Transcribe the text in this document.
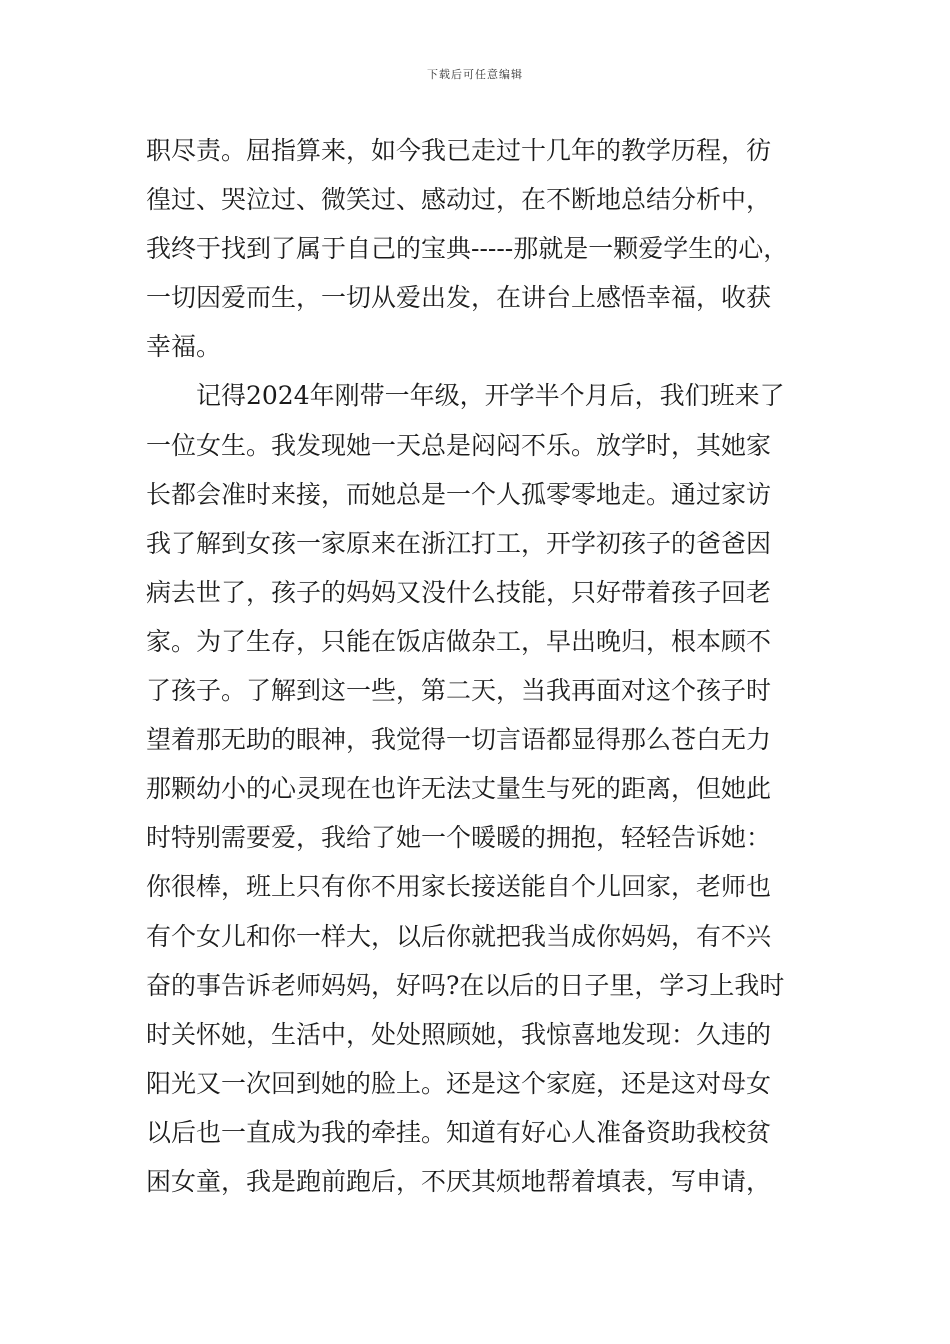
下载后可任意编辑
职尽责。屈指算来，如今我已走过十几年的教学历程，彷
徨过、哭泣过、微笑过、感动过，在不断地总结分析中，
我终于找到了属于自己的宝典-----那就是一颗爱学生的心，
一切因爱而生，一切从爱出发，在讲台上感悟幸福，收获
幸福。
记得2024年刚带一年级，开学半个月后，我们班来了
一位女生。我发现她一天总是闷闷不乐。放学时，其她家
长都会准时来接，而她总是一个人孤零零地走。通过家访
我了解到女孩一家原来在浙江打工，开学初孩子的爸爸因
病去世了，孩子的妈妈又没什么技能，只好带着孩子回老
家。为了生存，只能在饭店做杂工，早出晚归，根本顾不
了孩子。了解到这一些，第二天，当我再面对这个孩子时
望着那无助的眼神，我觉得一切言语都显得那么苍白无力
那颗幼小的心灵现在也许无法丈量生与死的距离，但她此
时特别需要爱，我给了她一个暖暖的拥抱，轻轻告诉她：
你很棒，班上只有你不用家长接送能自个儿回家，老师也
有个女儿和你一样大，以后你就把我当成你妈妈，有不兴
奋的事告诉老师妈妈，好吗?在以后的日子里，学习上我时
时关怀她，生活中，处处照顾她，我惊喜地发现：久违的
阳光又一次回到她的脸上。还是这个家庭，还是这对母女
以后也一直成为我的牵挂。知道有好心人准备资助我校贫
困女童，我是跑前跑后，不厌其烦地帮着填表，写申请，
